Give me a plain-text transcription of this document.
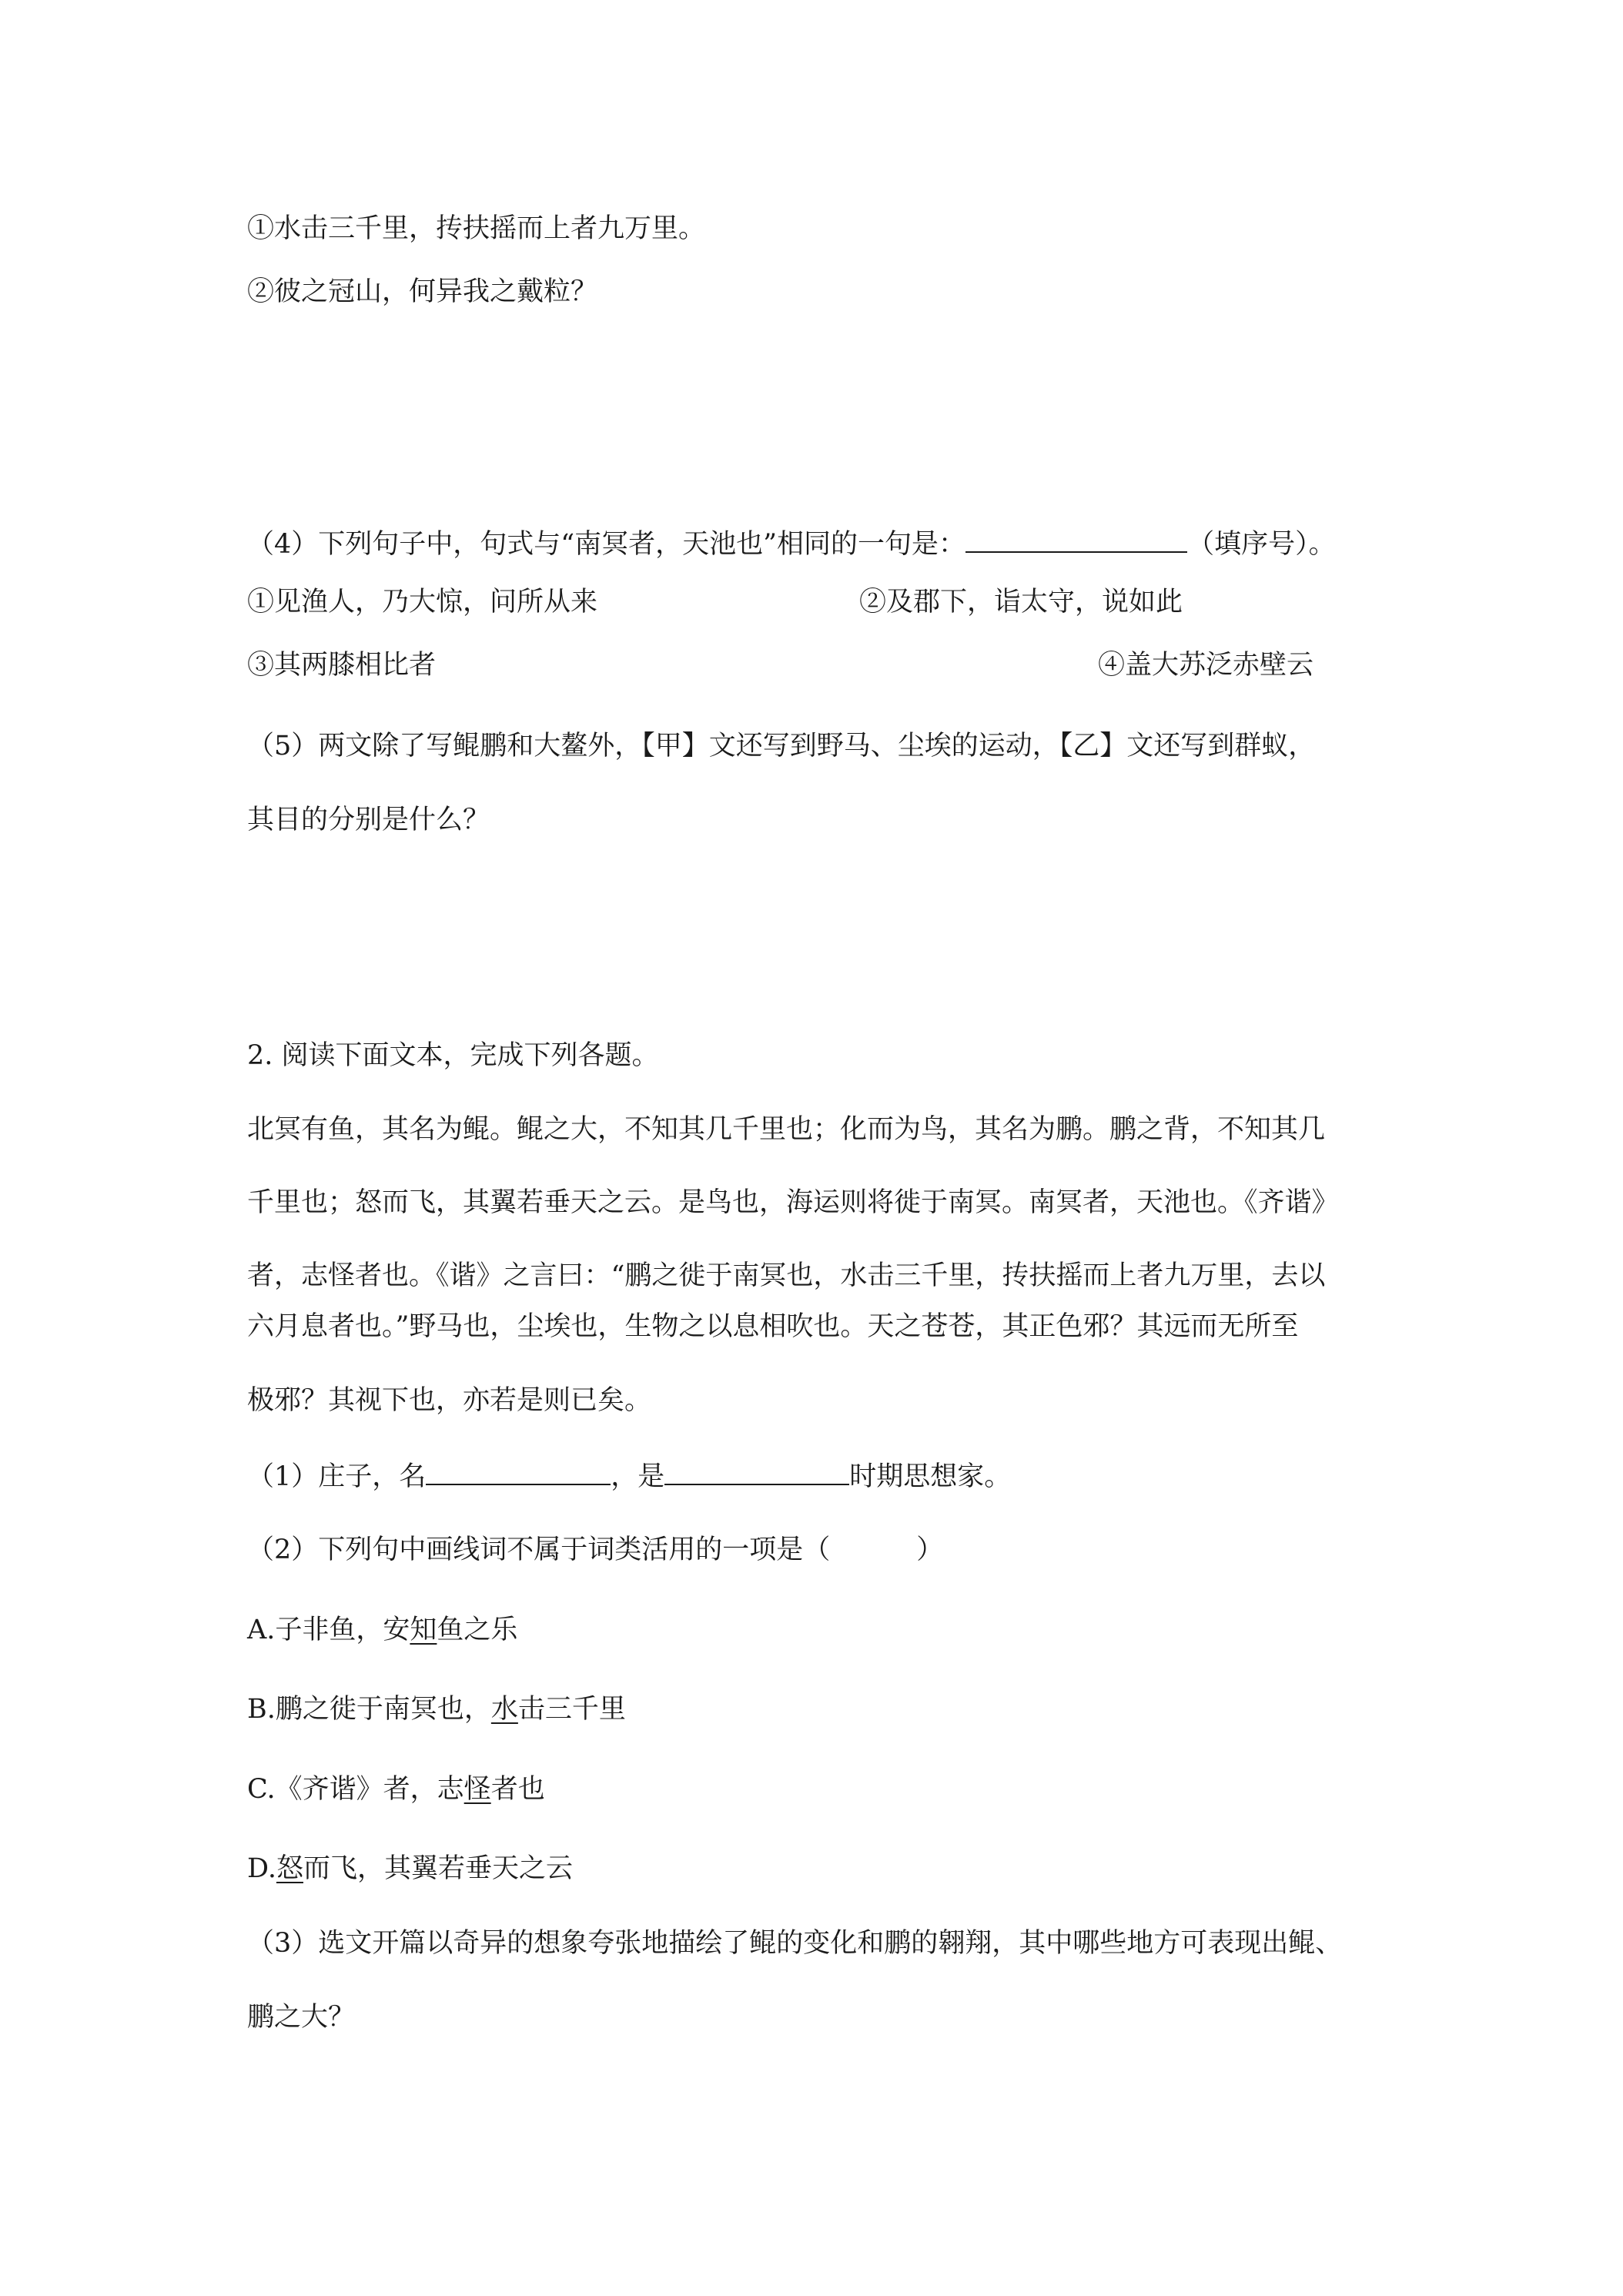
①水击三千里，抟扶摇而上者九万里。
②彼之冠山，何异我之戴粒？
（4）下列句子中，句式与“南冥者，天池也”相同的一句是：	（填序号）。
①见渔人，乃大惊，问所从来	②及郡下，诣太守，说如此
③其两膝相比者	④盖大苏泛赤壁云
（5）两文除了写鲲鹏和大鳌外，【甲】文还写到野马、尘埃的运动，【乙】文还写到群蚁，
其目的分别是什么？
2. 阅读下面文本，完成下列各题。
北冥有鱼，其名为鲲。鲲之大，不知其几千里也；化而为鸟，其名为鹏。鹏之背，不知其几
千里也；怒而飞，其翼若垂天之云。是鸟也，海运则将徙于南冥。南冥者，天池也。《齐谐》
者，志怪者也。《谐》之言曰：“鹏之徙于南冥也，水击三千里，抟扶摇而上者九万里，去以
六月息者也。”野马也，尘埃也，生物之以息相吹也。天之苍苍，其正色邪？其远而无所至
极邪？其视下也，亦若是则已矣。
（1）庄子，名	，是	时期思想家。
（2）下列句中画线词不属于词类活用的一项是（	）
A.子非鱼，安知鱼之乐
B.鹏之徙于南冥也，水击三千里
C.《齐谐》者，志怪者也
D.怒而飞，其翼若垂天之云
（3）选文开篇以奇异的想象夸张地描绘了鲲的变化和鹏的翱翔，其中哪些地方可表现出鲲、
鹏之大？
